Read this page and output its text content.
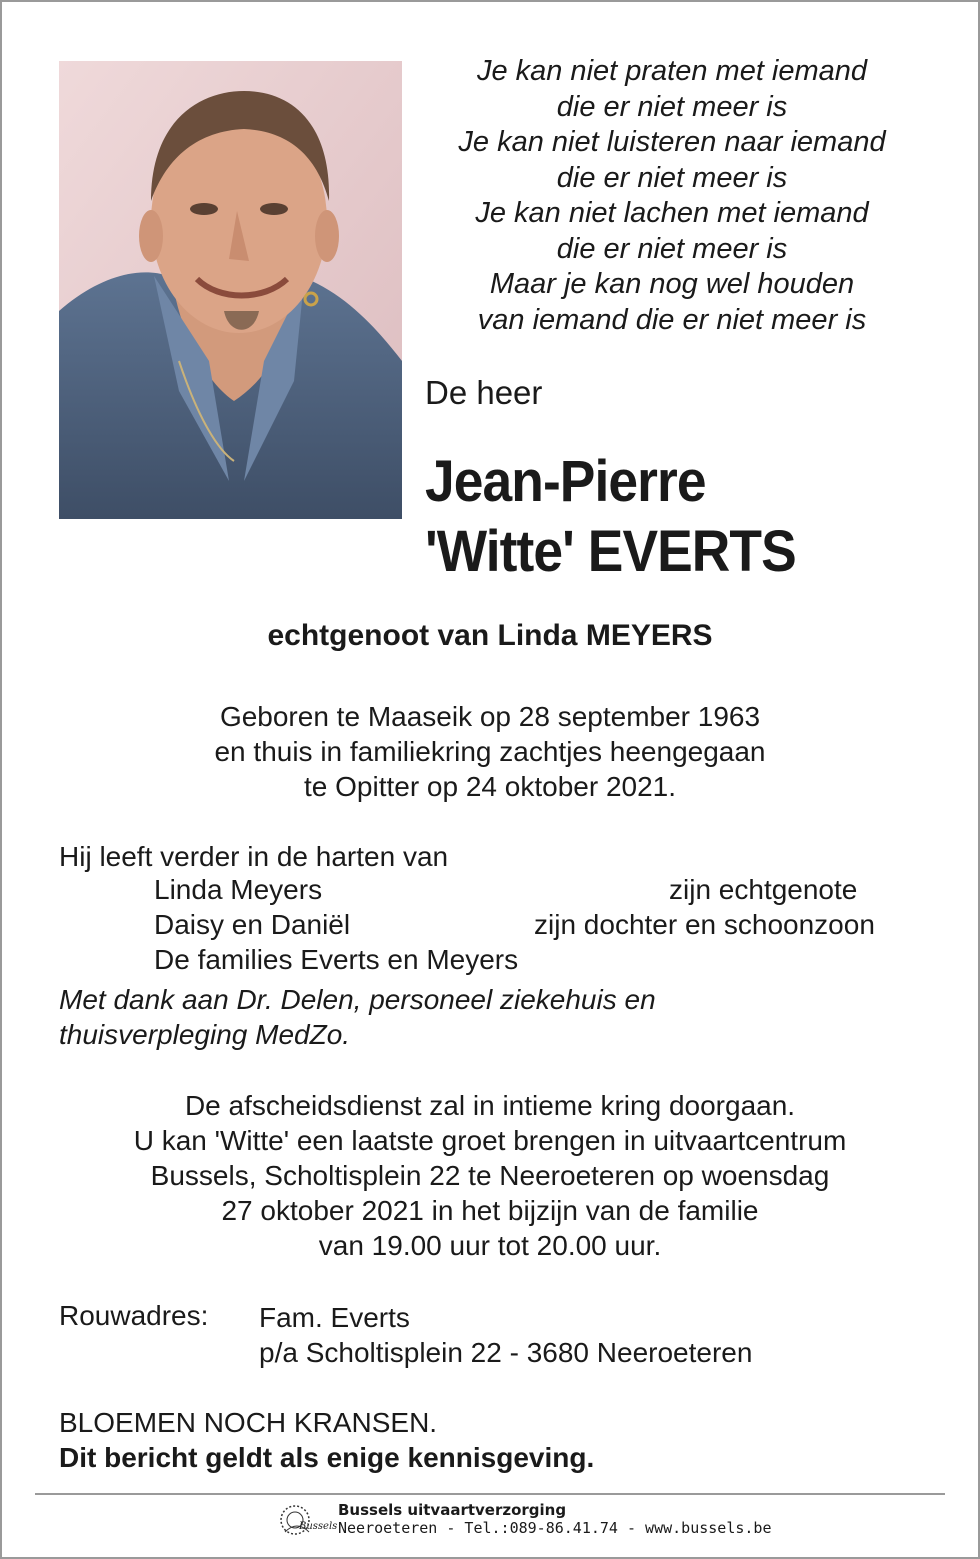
Je kan niet praten met iemand
die er niet meer is
Je kan niet luisteren naar iemand
die er niet meer is
Je kan niet lachen met iemand
die er niet meer is
Maar je kan nog wel houden
van iemand die er niet meer is
De heer
Jean-Pierre
'Witte' EVERTS
echtgenoot van Linda MEYERS
Geboren te Maaseik op 28 september 1963
en thuis in familiekring zachtjes heengegaan
te Opitter op 24 oktober 2021.
Hij leeft verder in de harten van
Linda Meyers	zijn echtgenote
Daisy en Daniël	zijn dochter en schoonzoon
De families Everts en Meyers
Met dank aan Dr. Delen, personeel ziekehuis en
thuisverpleging MedZo.
De afscheidsdienst zal in intieme kring doorgaan.
U kan 'Witte' een laatste groet brengen in uitvaartcentrum
Bussels, Scholtisplein 22 te Neeroeteren op woensdag
27 oktober 2021 in het bijzijn van de familie
van 19.00 uur tot 20.00 uur.
Rouwadres: Fam. Everts
p/a Scholtisplein 22 - 3680 Neeroeteren
BLOEMEN NOCH KRANSEN.
Dit bericht geldt als enige kennisgeving.
Bussels
Bussels uitvaartverzorging
Neeroeteren - Tel.:089-86.41.74 - www.bussels.be
